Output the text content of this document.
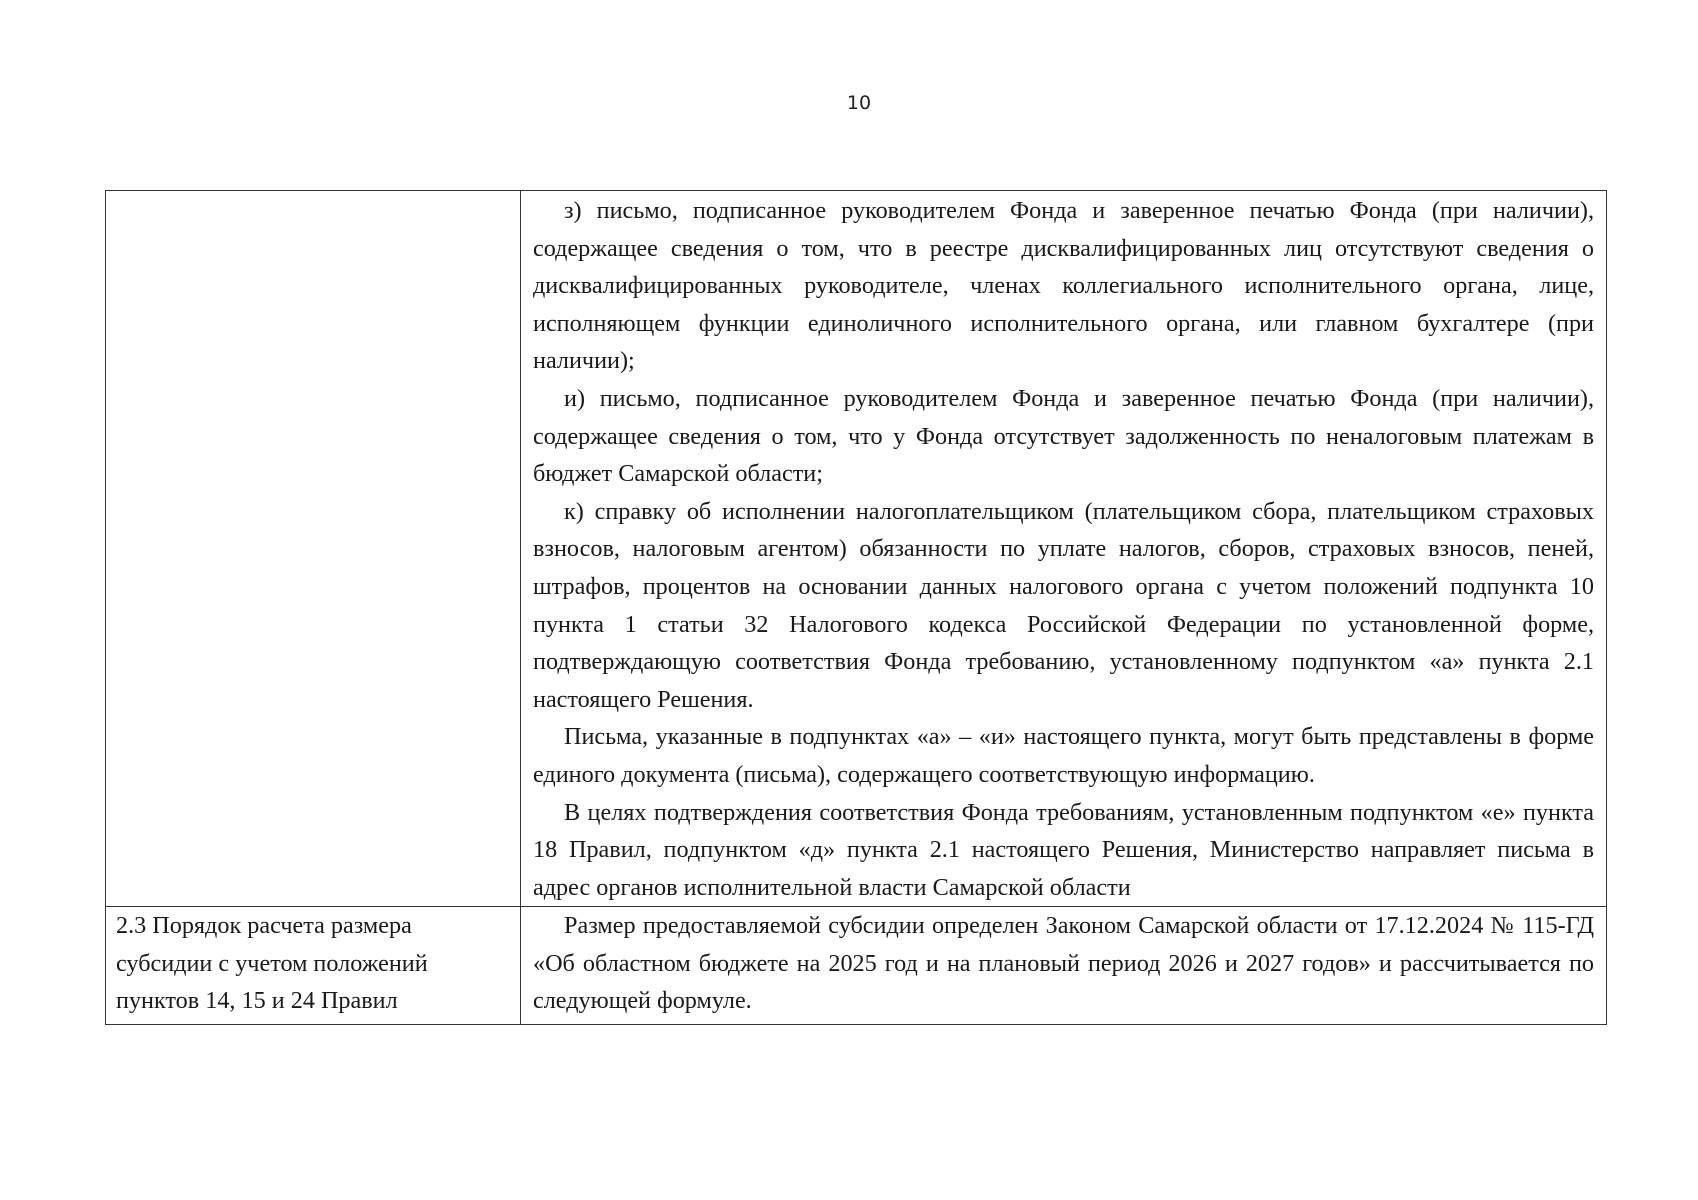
10

	з) письмо, подписанное руководителем Фонда и заверенное печатью Фонда (при наличии), содержащее сведения о том, что в реестре дисквалифицированных лиц отсутствуют сведения о дисквалифицированных руководителе, членах коллегиального исполнительного органа, лице, исполняющем функции единоличного исполнительного органа, или главном бухгалтере (при наличии);

и) письмо, подписанное руководителем Фонда и заверенное печатью Фонда (при наличии), содержащее сведения о том, что у Фонда отсутствует задолженность по неналоговым платежам в бюджет Самарской области;

к) справку об исполнении налогоплательщиком (плательщиком сбора, плательщиком страховых взносов, налоговым агентом) обязанности по уплате налогов, сборов, страховых взносов, пеней, штрафов, процентов на основании данных налогового органа с учетом положений подпункта 10 пункта 1 статьи 32 Налогового кодекса Российской Федерации по установленной форме, подтверждающую соответствия Фонда требованию, установленному подпунктом «а» пункта 2.1 настоящего Решения.

Письма, указанные в подпунктах «а» – «и» настоящего пункта, могут быть представлены в форме единого документа (письма), содержащего соответствующую информацию.

В целях подтверждения соответствия Фонда требованиям, установленным подпунктом «е» пункта 18 Правил, подпунктом «д» пункта 2.1 настоящего Решения, Министерство направляет письма в адрес органов исполнительной власти Самарской области

2.3 Порядок расчета размера субсидии с учетом положений пунктов 14, 15 и 24 Правил	Размер предоставляемой субсидии определен Законом Самарской области от 17.12.2024 № 115-ГД «Об областном бюджете на 2025 год и на плановый период 2026 и 2027 годов» и рассчитывается по следующей формуле.
